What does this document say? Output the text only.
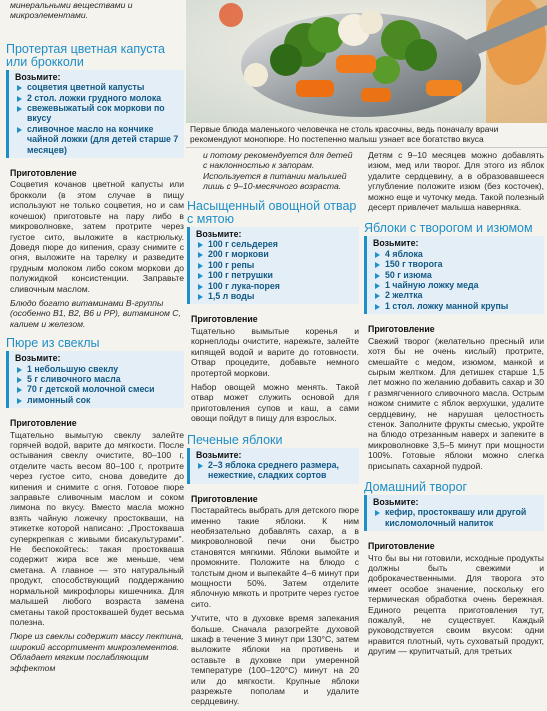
Первые блюда маленького человечка не столь красочны, ведь поначалу врачи рекомендуют монопюре. Но постепенно малыш узнает все богатство вкуса

минеральными веществами и микроэлементами.

Протертая цветная капуста или брокколи
Возьмите:
соцветия цветной капусты
2 стол. ложки грудного молока
свежевыжатый сок моркови по вкусу
сливочное масло на кончике чайной ложки (для детей старше 7 месяцев)
Приготовление

Соцветия кочанов цветной капусты или брокколи (в этом случае в пищу используют не только соцветия, но и сам кочешок) приготовьте на пару либо в микроволновке, затем протрите через густое сито, выложите в кастрюльку. Доведя пюре до кипения, сразу снимите с огня, выложите на тарелку и разведите грудным молоком либо соком моркови до полужидкой консистенции. Заправьте сливочным маслом.

Блюдо богато витаминами В-группы (особенно В1, В2, В6 и РР), витамином С, калием и железом.

Пюре из свеклы
Возьмите:
1 небольшую свеклу
5 г сливочного масла
70 г детской молочной смеси
лимонный сок
Приготовление

Тщательно вымытую свеклу залейте горячей водой, варите до мягкости. После остывания свеклу очистите, 80–100 г, отделите часть весом 80–100 г, протрите через густое сито, снова доведите до кипения и снимите с огня. Готовое пюре заправьте сливочным маслом и соком лимона по вкусу. Вместо масла можно взять чайную ложечку простокваши, на этикетке которой написано: „Простокваша суперкрепкая с живыми бисакультурами". Не беспокойтесь: такая простокваша содержит жира все же меньше, чем сметана. А главное — это натуральный продукт, способствующий поддержанию нормальной микрофлоры кишечника. Для малышей любого возраста замена сметаны такой простоквашей будет весьма полезна.

Пюре из свеклы содержит массу пектина, широкий ассортимент микроэлементов. Обладает мягким послабляющим эффектом

и потому рекомендуется для детей с наклонностью к запорам. Используется в питании малышей лишь с 9–10-месячного возраста.

Насыщенный овощной отвар с мятою
Возьмите:
100 г сельдерея
200 г моркови
100 г репы
100 г петрушки
100 г лука-порея
1,5 л воды
Приготовление

Тщательно вымытые коренья и корнеплоды очистите, нарежьте, залейте кипящей водой и варите до готовности. Отвар процедите, добавьте немного протертой моркови.

Набор овощей можно менять. Такой отвар может служить основой для приготовления супов и каш, а сами овощи пойдут в пищу для взрослых.

Печеные яблоки
Возьмите:
2–3 яблока среднего размера, нежесткие, сладких сортов
Приготовление

Постарайтесь выбрать для детского пюре именно такие яблоки. К ним необязательно добавлять сахар, а в микроволновой печи они быстро становятся мягкими. Яблоки вымойте и промокните. Положите на блюдо с толстым дном и выпекайте 4–6 минут при мощности 50%. Затем отделите яблочную мякоть и протрите через густое сито.

Учтите, что в духовке время запекания больше. Сначала разогрейте духовой шкаф в течение 3 минут при 130°С, затем выложите яблоки на противень и оставьте в духовке при умеренной температуре (100–120°С) минут на 20 или до мягкости. Крупные яблоки разрежьте пополам и удалите сердцевину.

Детям с 9–10 месяцев можно добавлять изюм, мед или творог. Для этого из яблок удалите сердцевину, а в образовавшееся углубление положите изюм (без косточек), можно еще и чуточку меда. Такой полезный десерт привлечет малыша наверняка.

Яблоки с творогом и изюмом
Возьмите:
4 яблока
150 г творога
50 г изюма
1 чайную ложку меда
2 желтка
1 стол. ложку манной крупы
Приготовление

Свежий творог (желательно пресный или хотя бы не очень кислый) протрите, смешайте с медом, изюмом, манкой и сырым желтком. Для детишек старше 1,5 лет можно по желанию добавить сахар и 30 г размягченного сливочного масла. Острым ножом снимите с яблок верхушки, удалите сердцевину, не нарушая целостность стенок. Заполните фрукты смесью, укройте на блюдо отрезанным наверх и запеките в микроволновке 3,5–5 минут при мощности 100%. Готовые яблоки можно слегка присыпать сахарной пудрой.

Домашний творог
Возьмите:
кефир, простоквашу или другой кисломолочный напиток
Приготовление

Что бы вы ни готовили, исходные продукты должны быть свежими и доброкачественными. Для творога это имеет особое значение, поскольку его термическая обработка очень бережная. Единого рецепта приготовления тут, пожалуй, не существует. Каждый руководствуется своим вкусом: одни нравится плотный, чуть суховатый продукт, другим — крупитчатый, для третьих
